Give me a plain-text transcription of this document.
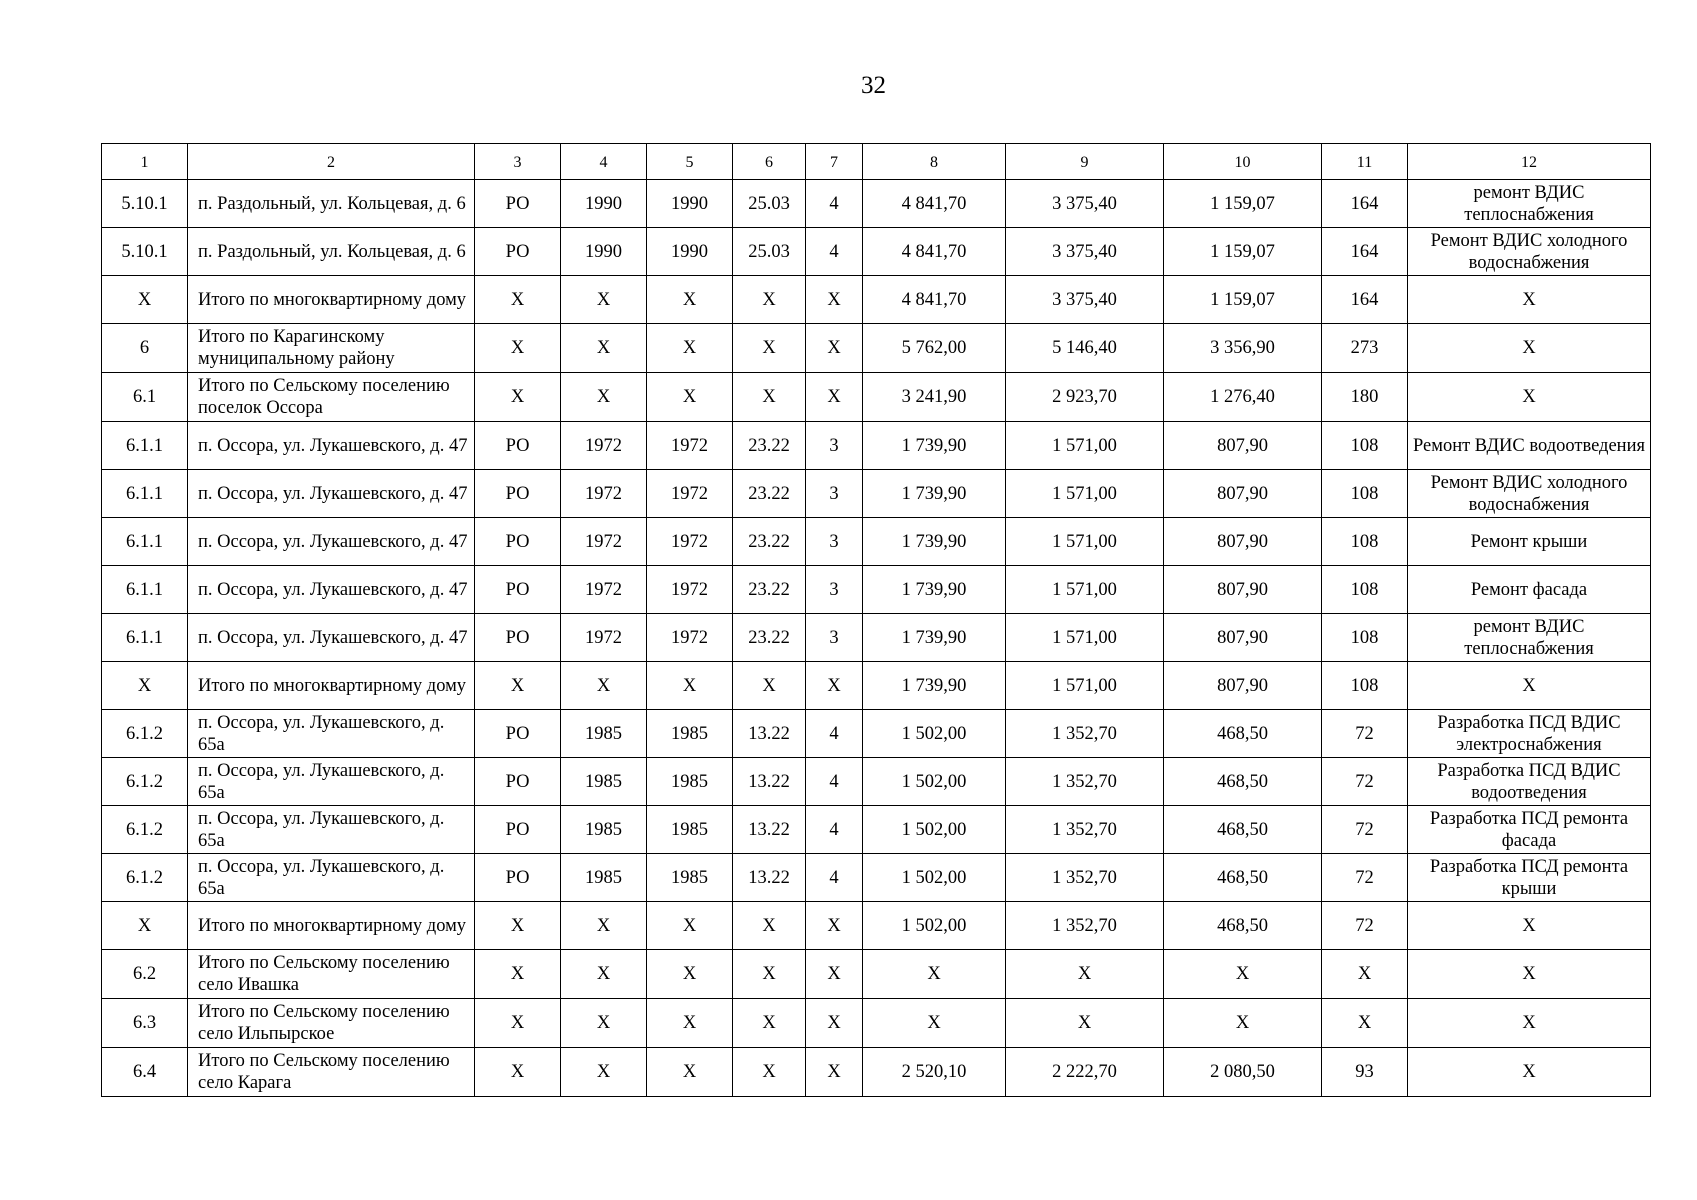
32
1	2	3	4	5	6	7	8	9	10	11	12
5.10.1	п. Раздольный, ул. Кольцевая, д. 6	РО	1990	1990	25.03	4	4 841,70	3 375,40	1 159,07	164	ремонт ВДИС теплоснабжения
5.10.1	п. Раздольный, ул. Кольцевая, д. 6	РО	1990	1990	25.03	4	4 841,70	3 375,40	1 159,07	164	Ремонт ВДИС холодного водоснабжения
Х	Итого по многоквартирному дому	Х	Х	Х	Х	Х	4 841,70	3 375,40	1 159,07	164	Х
6	Итого по Карагинскому муниципальному району	Х	Х	Х	Х	Х	5 762,00	5 146,40	3 356,90	273	Х
6.1	Итого по Сельскому поселению поселок Оссора	Х	Х	Х	Х	Х	3 241,90	2 923,70	1 276,40	180	Х
6.1.1	п. Оссора, ул. Лукашевского, д. 47	РО	1972	1972	23.22	3	1 739,90	1 571,00	807,90	108	Ремонт ВДИС водоотведения
6.1.1	п. Оссора, ул. Лукашевского, д. 47	РО	1972	1972	23.22	3	1 739,90	1 571,00	807,90	108	Ремонт ВДИС холодного водоснабжения
6.1.1	п. Оссора, ул. Лукашевского, д. 47	РО	1972	1972	23.22	3	1 739,90	1 571,00	807,90	108	Ремонт крыши
6.1.1	п. Оссора, ул. Лукашевского, д. 47	РО	1972	1972	23.22	3	1 739,90	1 571,00	807,90	108	Ремонт фасада
6.1.1	п. Оссора, ул. Лукашевского, д. 47	РО	1972	1972	23.22	3	1 739,90	1 571,00	807,90	108	ремонт ВДИС теплоснабжения
Х	Итого по многоквартирному дому	Х	Х	Х	Х	Х	1 739,90	1 571,00	807,90	108	Х
6.1.2	п. Оссора, ул. Лукашевского, д. 65а	РО	1985	1985	13.22	4	1 502,00	1 352,70	468,50	72	Разработка ПСД ВДИС электроснабжения
6.1.2	п. Оссора, ул. Лукашевского, д. 65а	РО	1985	1985	13.22	4	1 502,00	1 352,70	468,50	72	Разработка ПСД ВДИС водоотведения
6.1.2	п. Оссора, ул. Лукашевского, д. 65а	РО	1985	1985	13.22	4	1 502,00	1 352,70	468,50	72	Разработка ПСД ремонта фасада
6.1.2	п. Оссора, ул. Лукашевского, д. 65а	РО	1985	1985	13.22	4	1 502,00	1 352,70	468,50	72	Разработка ПСД ремонта крыши
Х	Итого по многоквартирному дому	Х	Х	Х	Х	Х	1 502,00	1 352,70	468,50	72	Х
6.2	Итого по Сельскому поселению село Ивашка	Х	Х	Х	Х	Х	Х	Х	Х	Х	Х
6.3	Итого по Сельскому поселению село Ильпырское	Х	Х	Х	Х	Х	Х	Х	Х	Х	Х
6.4	Итого по Сельскому поселению село Карага	Х	Х	Х	Х	Х	2 520,10	2 222,70	2 080,50	93	Х
